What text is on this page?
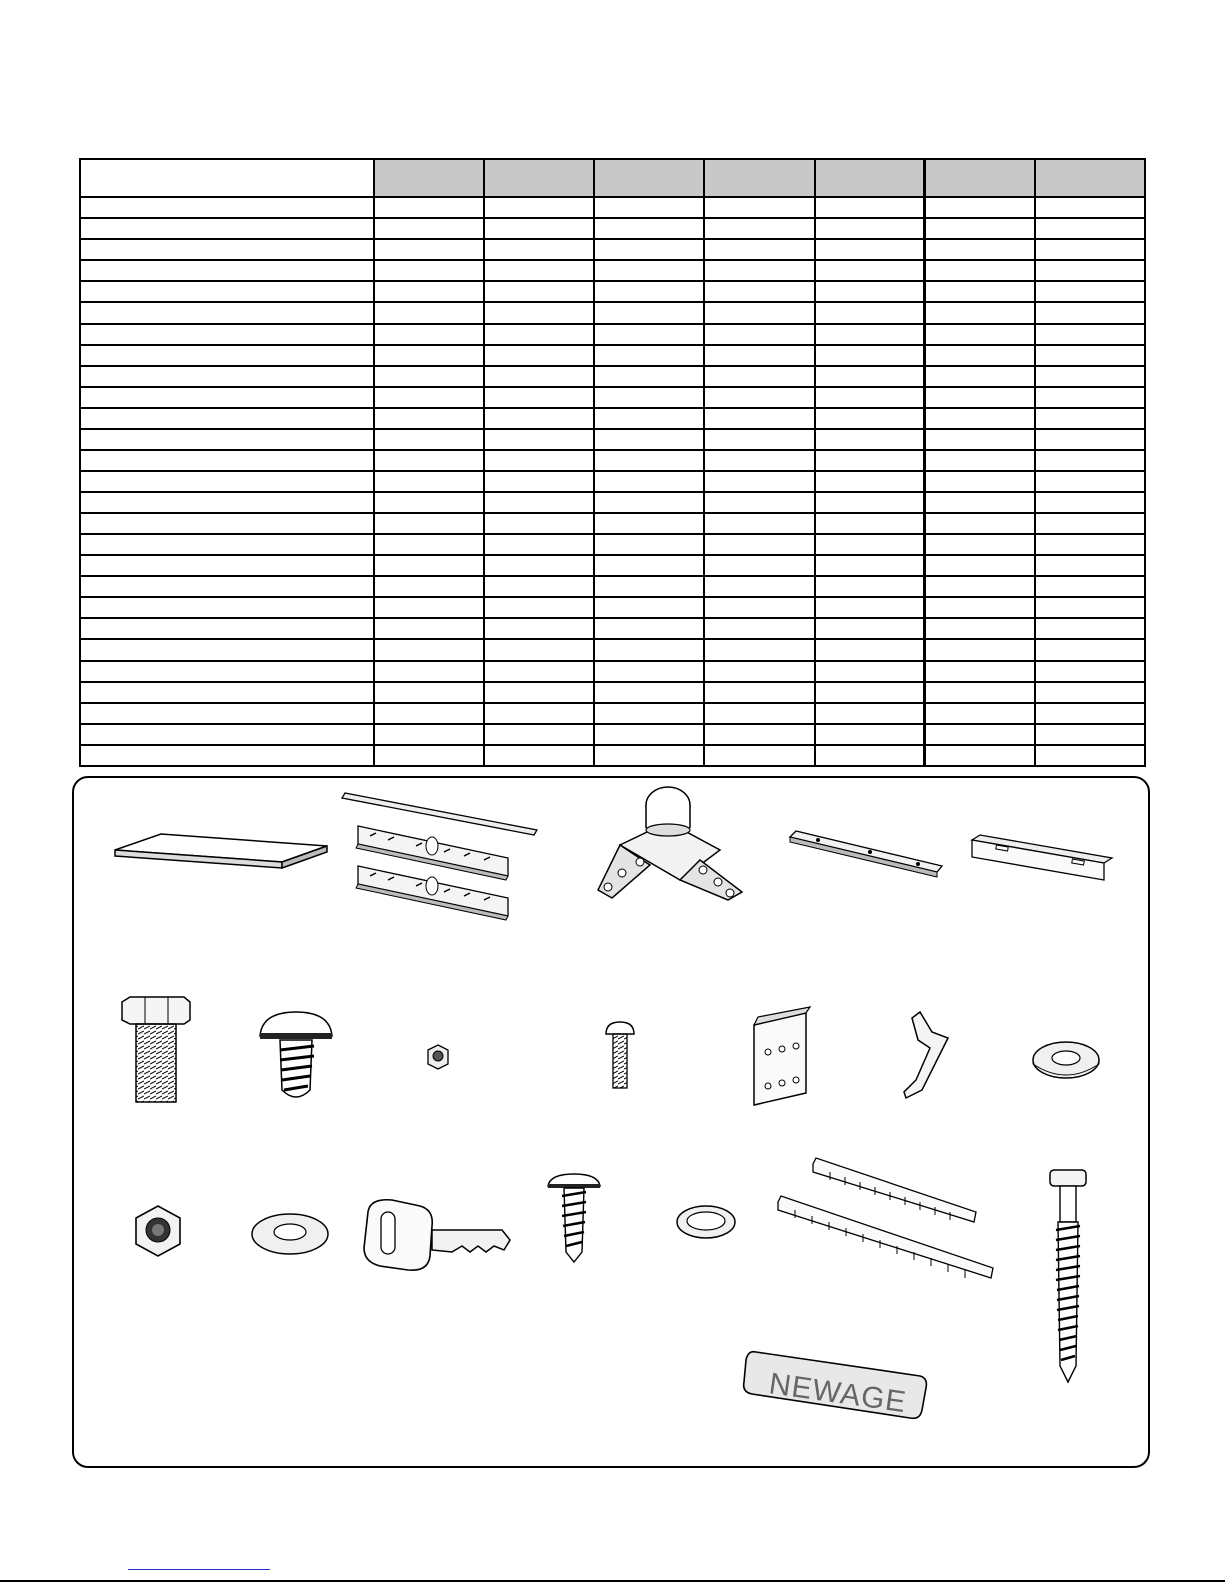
NEWAGE
